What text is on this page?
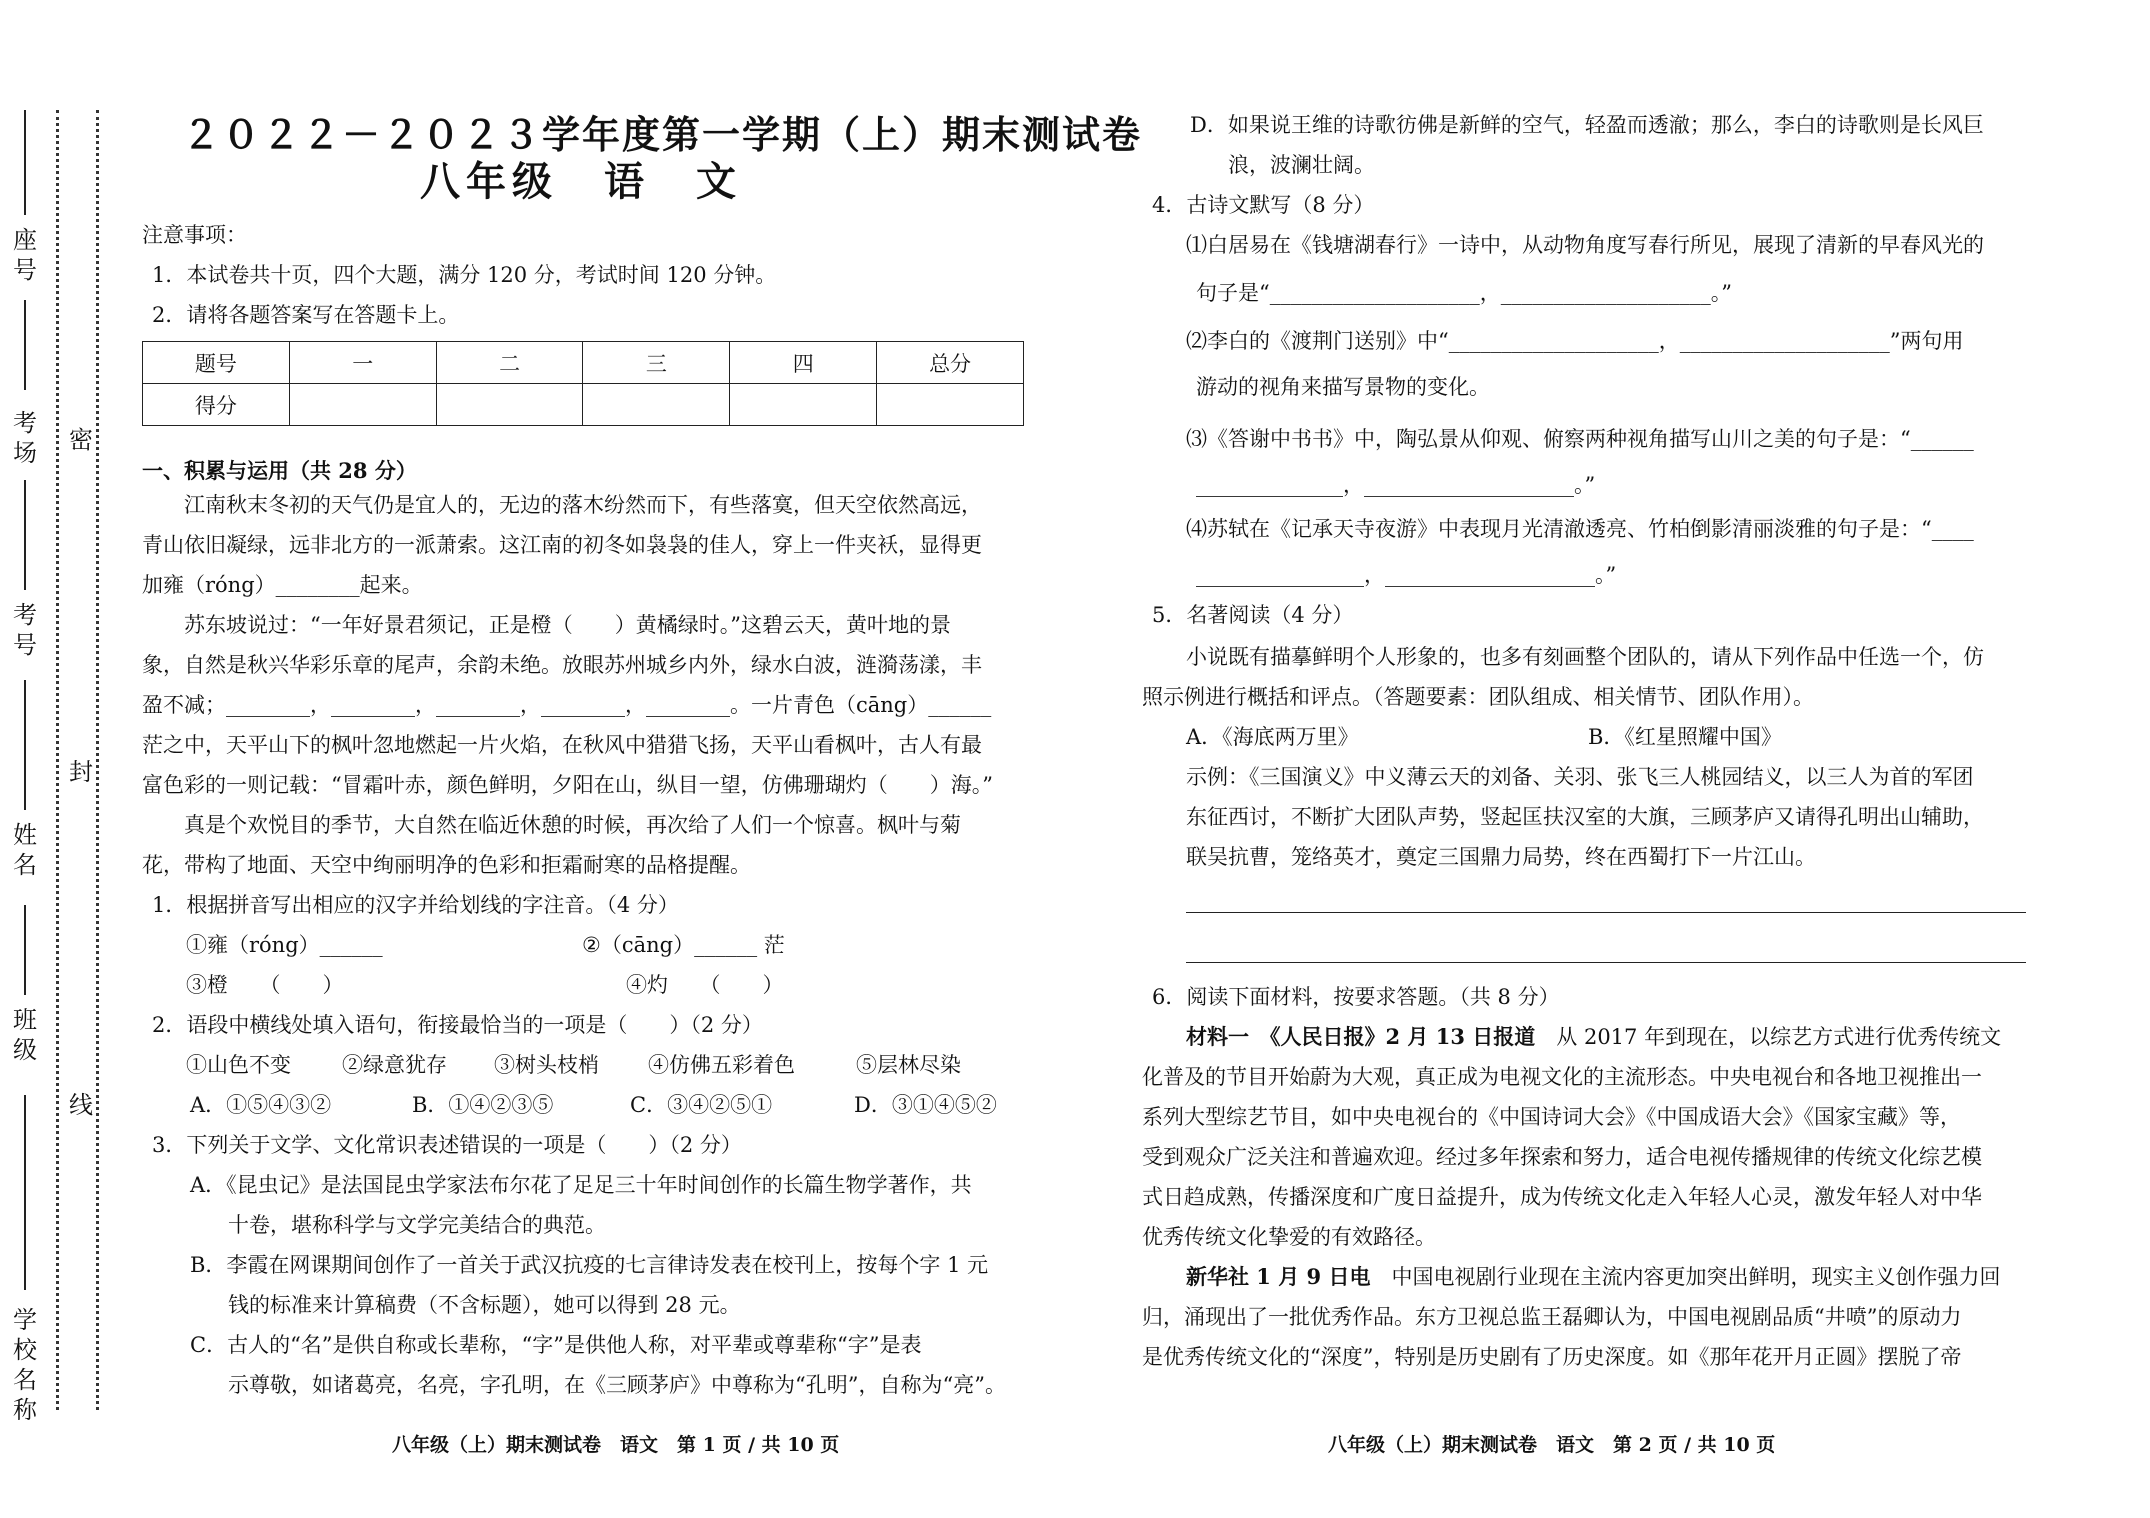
座号
考场
考号
姓名
班级
学校名称
密
封
线
２０２２－２０２３学年度第一学期（上）期末测试卷
八年级　语　文
注意事项：
1．本试卷共十页，四个大题，满分 120 分，考试时间 120 分钟。
2．请将各题答案写在答题卡上。
题号	一	二	三	四	总分
得分					
一、积累与运用（共 28 分）
　　江南秋末冬初的天气仍是宜人的，无边的落木纷然而下，有些落寞，但天空依然高远，
青山依旧凝绿，远非北方的一派萧索。这江南的初冬如袅袅的佳人，穿上一件夹袄，显得更
加雍（róng）________起来。
　　苏东坡说过：“一年好景君须记，正是橙（　　）黄橘绿时。”这碧云天，黄叶地的景
象，自然是秋兴华彩乐章的尾声，余韵未绝。放眼苏州城乡内外，绿水白波，涟漪荡漾，丰
盈不减；________，________，________，________，________。一片青色（cāng）______
茫之中，天平山下的枫叶忽地燃起一片火焰，在秋风中猎猎飞扬，天平山看枫叶，古人有最
富色彩的一则记载：“冒霜叶赤，颜色鲜明，夕阳在山，纵目一望，仿佛珊瑚灼（　　）海。”
　　真是个欢悦目的季节，大自然在临近休憩的时候，再次给了人们一个惊喜。枫叶与菊
花，带构了地面、天空中绚丽明净的色彩和拒霜耐寒的品格提醒。
1．根据拼音写出相应的汉字并给划线的字注音。（4 分）
①雍（róng）______	②（cāng）______ 茫
③橙　　（　　）	④灼　　（　　）
2．语段中横线处填入语句，衔接最恰当的一项是（　　）（2 分）
①山色不变 ②绿意犹存 ③树头枝梢 ④仿佛五彩着色	⑤层林尽染
A．①⑤④③②	B．①④②③⑤	C．③④②⑤①	D．③①④⑤②
3．下列关于文学、文化常识表述错误的一项是（　　）（2 分）
A．《昆虫记》是法国昆虫学家法布尔花了足足三十年时间创作的长篇生物学著作，共
十卷，堪称科学与文学完美结合的典范。
B．李霞在网课期间创作了一首关于武汉抗疫的七言律诗发表在校刊上，按每个字 1 元
钱的标准来计算稿费（不含标题），她可以得到 28 元。
C．古人的“名”是供自称或长辈称，“字”是供他人称，对平辈或尊辈称“字”是表
示尊敬，如诸葛亮，名亮，字孔明，在《三顾茅庐》中尊称为“孔明”，自称为“亮”。
八年级（上）期末测试卷　语文　第 1 页 / 共 10 页
D．如果说王维的诗歌彷佛是新鲜的空气，轻盈而透澈；那么，李白的诗歌则是长风巨
浪，波澜壮阔。
4．古诗文默写（8 分）
⑴白居易在《钱塘湖春行》一诗中，从动物角度写春行所见，展现了清新的早春风光的
句子是“____________________，____________________。”
⑵李白的《渡荆门送别》中“____________________，____________________”两句用
游动的视角来描写景物的变化。
⑶《答谢中书书》中，陶弘景从仰观、俯察两种视角描写山川之美的句子是：“______
______________，____________________。”
⑷苏轼在《记承天寺夜游》中表现月光清澈透亮、竹柏倒影清丽淡雅的句子是：“____
________________，____________________。”
5．名著阅读（4 分）
小说既有描摹鲜明个人形象的，也多有刻画整个团队的，请从下列作品中任选一个，仿
照示例进行概括和评点。（答题要素：团队组成、相关情节、团队作用）。
A．《海底两万里》	B．《红星照耀中国》
示例：《三国演义》中义薄云天的刘备、关羽、张飞三人桃园结义，以三人为首的军团
东征西讨，不断扩大团队声势，竖起匡扶汉室的大旗，三顾茅庐又请得孔明出山辅助，
联吴抗曹，笼络英才，奠定三国鼎力局势，终在西蜀打下一片江山。
6．阅读下面材料，按要求答题。（共 8 分）
材料一　《人民日报》2 月 13 日报道　从 2017 年到现在，以综艺方式进行优秀传统文
化普及的节目开始蔚为大观，真正成为电视文化的主流形态。中央电视台和各地卫视推出一
系列大型综艺节目，如中央电视台的《中国诗词大会》《中国成语大会》《国家宝藏》等，
受到观众广泛关注和普遍欢迎。经过多年探索和努力，适合电视传播规律的传统文化综艺模
式日趋成熟，传播深度和广度日益提升，成为传统文化走入年轻人心灵，激发年轻人对中华
优秀传统文化挚爱的有效路径。
新华社 1 月 9 日电　中国电视剧行业现在主流内容更加突出鲜明，现实主义创作强力回
归，涌现出了一批优秀作品。东方卫视总监王磊卿认为，中国电视剧品质“井喷”的原动力
是优秀传统文化的“深度”，特别是历史剧有了历史深度。如《那年花开月正圆》摆脱了帝
八年级（上）期末测试卷　语文　第 2 页 / 共 10 页
